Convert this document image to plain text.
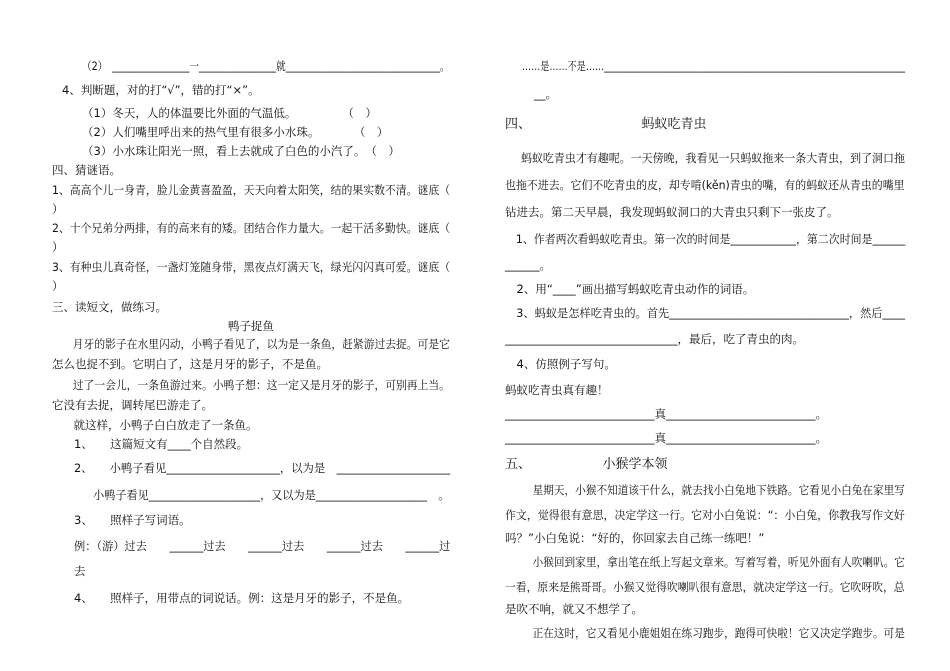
（2）　________________一________________就________________________________。
4、判断题，对的打“√”，错的打“×”。
（1）冬天，人的体温要比外面的气温低。　　　　　（　）
（2）人们嘴里呼出来的热气里有很多小水珠。　　　　（　）
（3）小水珠让阳光一照，看上去就成了白色的小汽了。　（　）
四、猜谜语。
1、高高个儿一身青，脸儿金黄喜盈盈，天天向着太阳笑，结的果实数不清。谜底（
）
2、十个兄弟分两排，有的高来有的矮。团结合作力量大。一起干活多勤快。谜底（
）
3、有种虫儿真奇怪，一盏灯笼随身带，黑夜点灯满天飞，绿光闪闪真可爱。谜底（
）
三、读短文，做练习。
鸭子捉鱼
　月牙的影子在水里闪动，小鸭子看见了，以为是一条鱼，赶紧游过去捉。可是它
怎么也捉不到。它明白了，这是月牙的影子，不是鱼。
　过了一会儿，一条鱼游过来。小鸭子想：这一定又是月牙的影子，可别再上当。
它没有去捉，调转尾巴游走了。
　就这样，小鸭子白白放走了一条鱼。
1、　　这篇短文有____个自然段。
2、　　小鸭子看见____________________，以为是　____________________
　小鸭子看见____________________，又以为是____________________　。
3、　　照样子写词语。
例：（游）过去　　______过去　　______过去　　______过去　　______过
去
4、　　照样子，用带点的词说话。例：这是月牙的影子，不是鱼。
……是……不是……__________________________________________________________________
__。
四、　　　　　　　　　蚂蚁吃青虫
　蚂蚁吃青虫才有趣呢。一天傍晚，我看见一只蚂蚁拖来一条大青虫，到了洞口拖
也拖不进去。它们不吃青虫的皮，却专啃(kěn)青虫的嘴，有的蚂蚁还从青虫的嘴里
钻进去。第二天早晨，我发现蚂蚁洞口的大青虫只剩下一张皮了。
　1、作者两次看蚂蚁吃青虫。第一次的时间是____________，第二次时间是______
______。
　2、用“____”画出描写蚂蚁吃青虫动作的词语。
　3、蚂蚁是怎样吃青虫的。首先________________________________，然后____
______________________________，最后，吃了青虫的肉。
　4、仿照例子写句。
蚂蚁吃青虫真有趣！
__________________________真__________________________。
__________________________真__________________________。
五、　　　　　　小猴学本领
　星期天，小猴不知道该干什么，就去找小白兔地下铁路。它看见小白兔在家里写
作文，觉得很有意思，决定学这一行。它对小白兔说：“：小白兔，你教我写作文好
吗？”小白兔说：“好的，你回家去自己练一练吧！”
　小猴回到家里，拿出笔在纸上写起文章来。写着写着，听见外面有人吹喇叭。它
一看，原来是熊哥哥。小猴又觉得吹喇叭很有意思，就决定学这一行。它吹呀吹，总
是吹不响，就又不想学了。
　正在这时，它又看见小鹿姐姐在练习跑步，跑得可快啦！它又决定学跑步。可是
